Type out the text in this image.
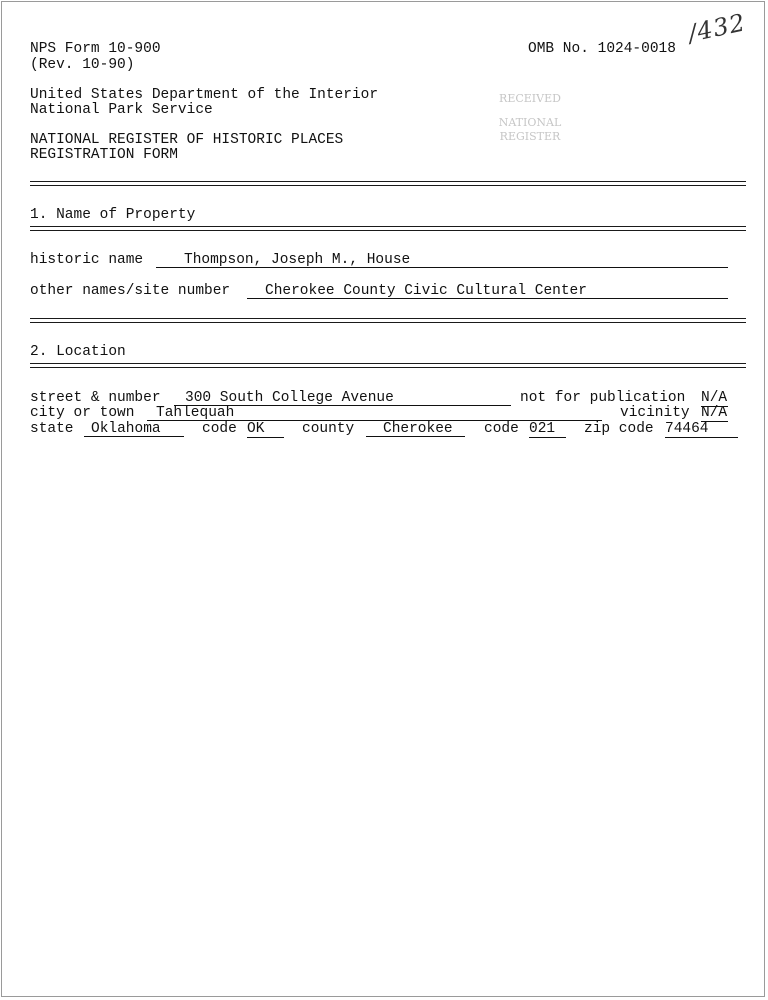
NPS Form 10-900
(Rev. 10-90)
OMB No. 1024-0018
/432
United States Department of the Interior
National Park Service
NATIONAL REGISTER OF HISTORIC PLACES
REGISTRATION FORM
RECEIVED
NATIONAL
REGISTER
1. Name of Property
historic name	Thompson, Joseph M., House
other names/site number	Cherokee County Civic Cultural Center
2. Location
street & number	300 South College Avenue	not for publication N/A
city or town	Tahlequah	vicinity N/A
state	Oklahoma	code OK	county	Cherokee	code 021	zip code 74464
